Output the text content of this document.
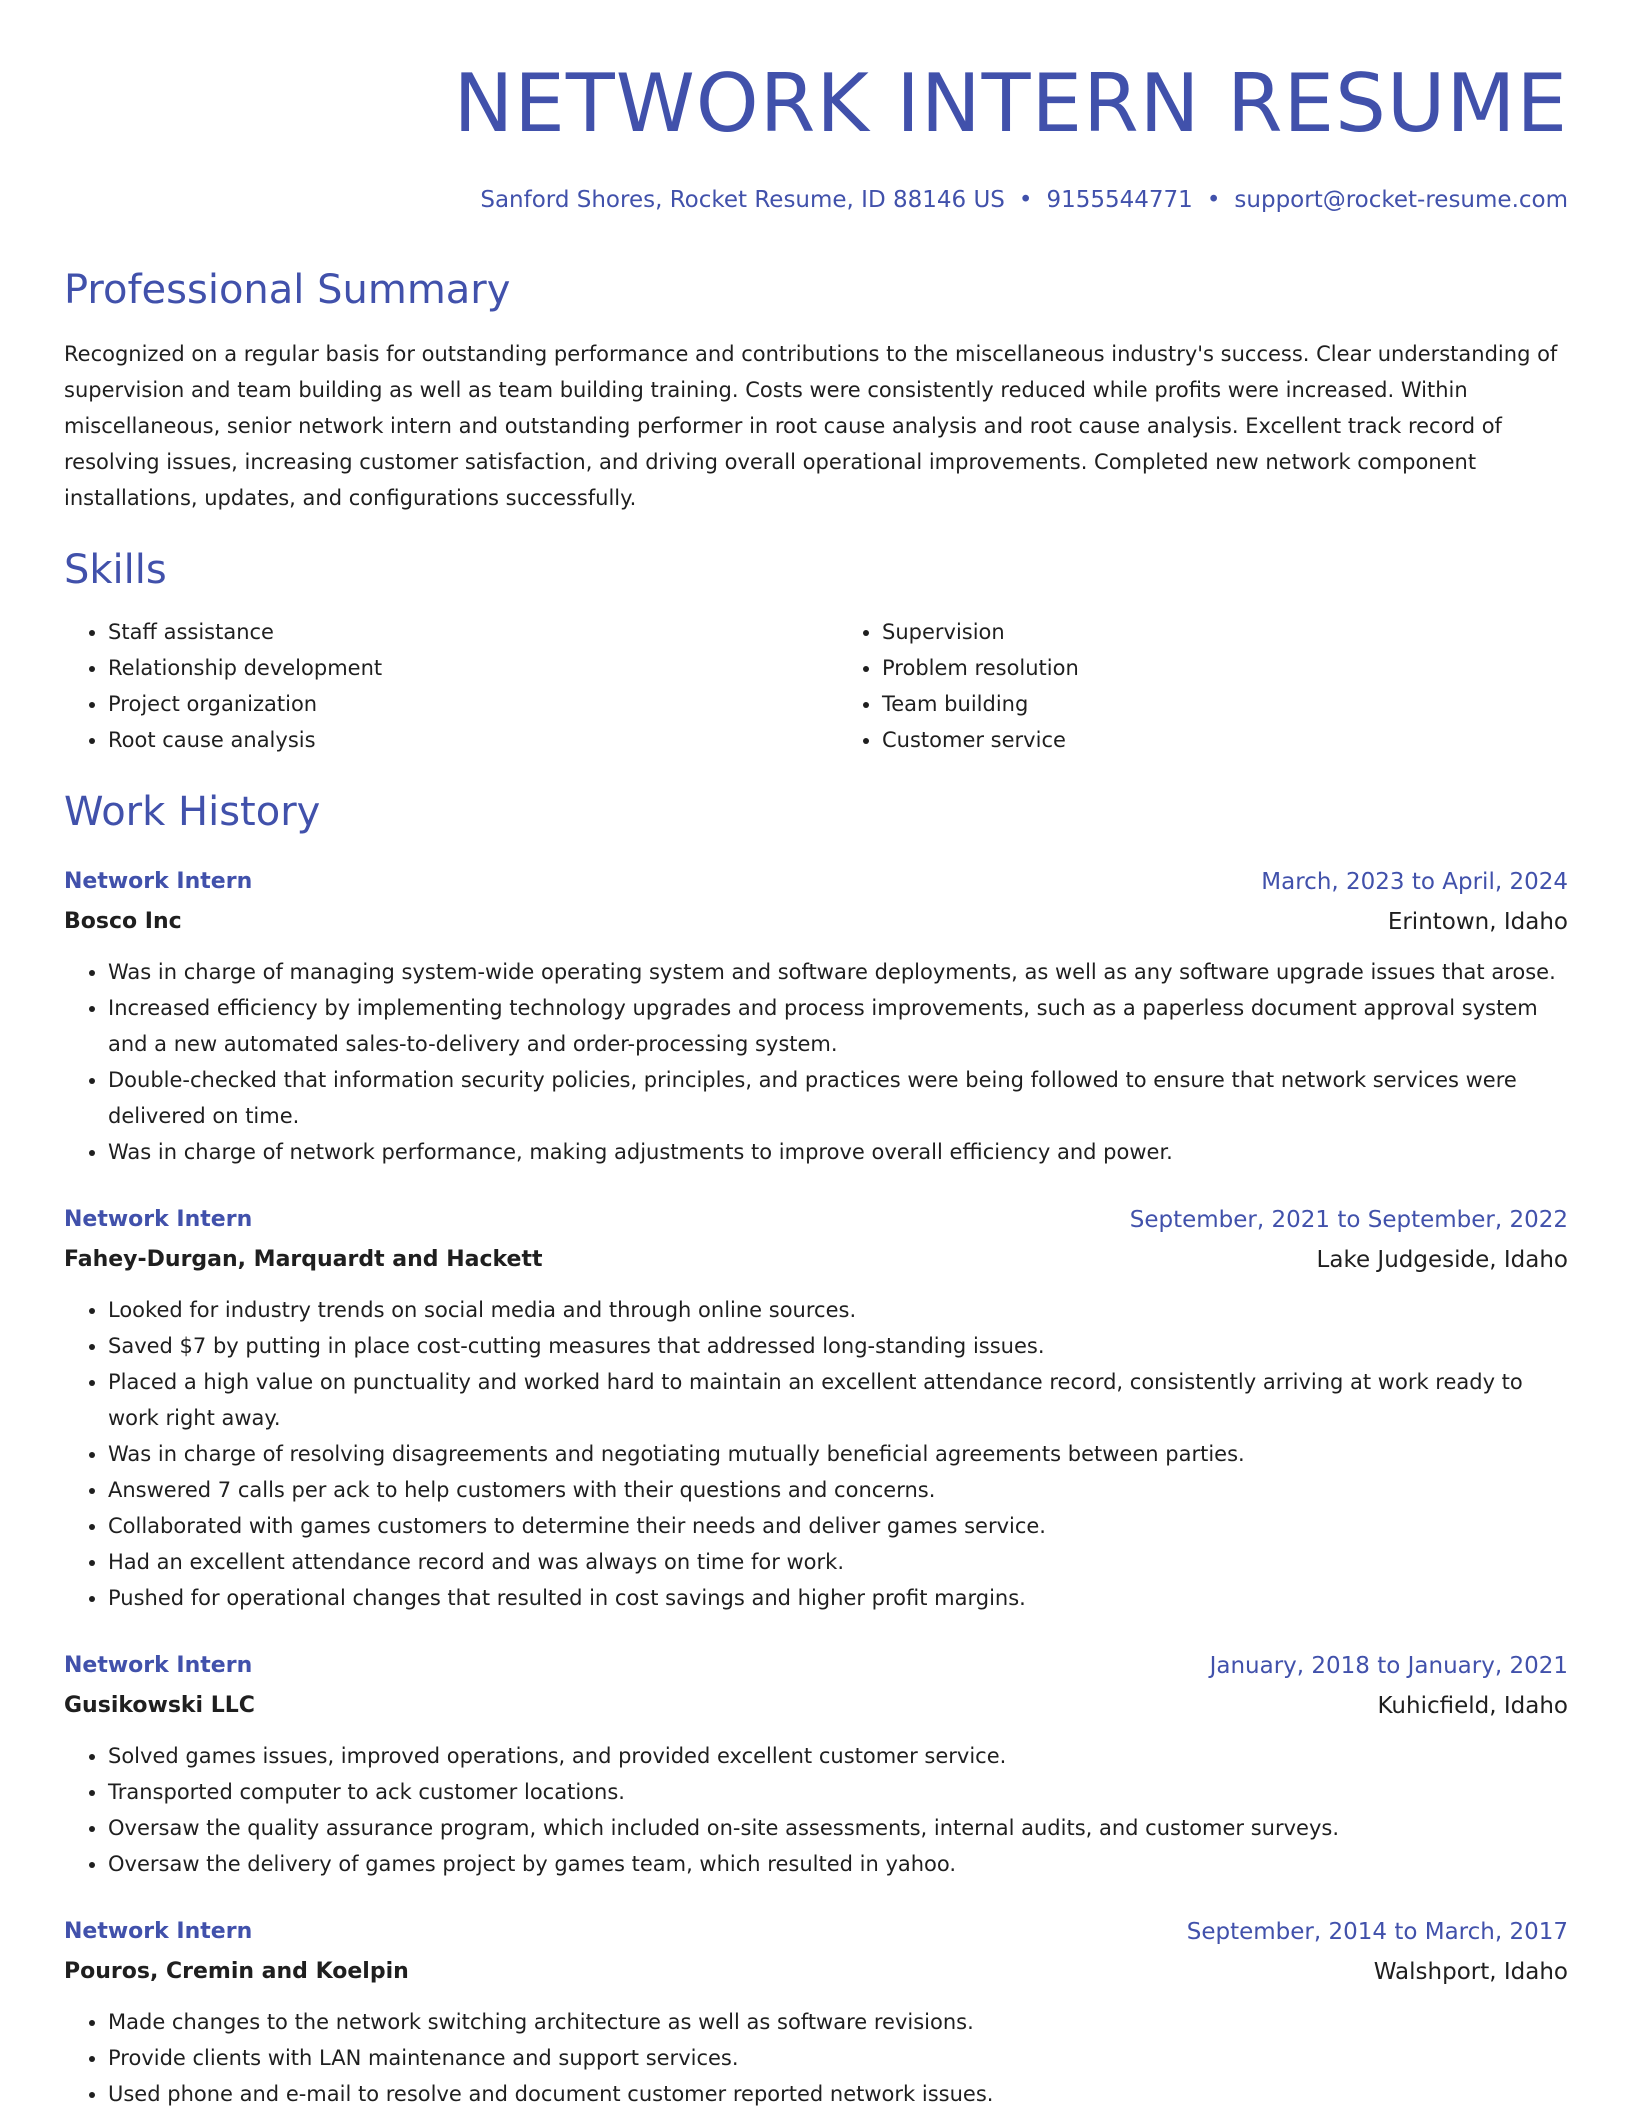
NETWORK INTERN RESUME
Sanford Shores, Rocket Resume, ID 88146 US • 9155544771 • support@rocket-resume.com
Professional Summary
Recognized on a regular basis for outstanding performance and contributions to the miscellaneous industry's success. Clear understanding of supervision and team building as well as team building training. Costs were consistently reduced while profits were increased. Within miscellaneous, senior network intern and outstanding performer in root cause analysis and root cause analysis. Excellent track record of resolving issues, increasing customer satisfaction, and driving overall operational improvements. Completed new network component installations, updates, and configurations successfully.
Skills
• Staff assistance
• Relationship development
• Project organization
• Root cause analysis
• Supervision
• Problem resolution
• Team building
• Customer service
Work History
Network Intern	March, 2023 to April, 2024
Bosco Inc	Erintown, Idaho
• Was in charge of managing system-wide operating system and software deployments, as well as any software upgrade issues that arose.
• Increased efficiency by implementing technology upgrades and process improvements, such as a paperless document approval system and a new automated sales-to-delivery and order-processing system.
• Double-checked that information security policies, principles, and practices were being followed to ensure that network services were delivered on time.
• Was in charge of network performance, making adjustments to improve overall efficiency and power.
Network Intern	September, 2021 to September, 2022
Fahey-Durgan, Marquardt and Hackett	Lake Judgeside, Idaho
• Looked for industry trends on social media and through online sources.
• Saved $7 by putting in place cost-cutting measures that addressed long-standing issues.
• Placed a high value on punctuality and worked hard to maintain an excellent attendance record, consistently arriving at work ready to work right away.
• Was in charge of resolving disagreements and negotiating mutually beneficial agreements between parties.
• Answered 7 calls per ack to help customers with their questions and concerns.
• Collaborated with games customers to determine their needs and deliver games service.
• Had an excellent attendance record and was always on time for work.
• Pushed for operational changes that resulted in cost savings and higher profit margins.
Network Intern	January, 2018 to January, 2021
Gusikowski LLC	Kuhicfield, Idaho
• Solved games issues, improved operations, and provided excellent customer service.
• Transported computer to ack customer locations.
• Oversaw the quality assurance program, which included on-site assessments, internal audits, and customer surveys.
• Oversaw the delivery of games project by games team, which resulted in yahoo.
Network Intern	September, 2014 to March, 2017
Pouros, Cremin and Koelpin	Walshport, Idaho
• Made changes to the network switching architecture as well as software revisions.
• Provide clients with LAN maintenance and support services.
• Used phone and e-mail to resolve and document customer reported network issues.
